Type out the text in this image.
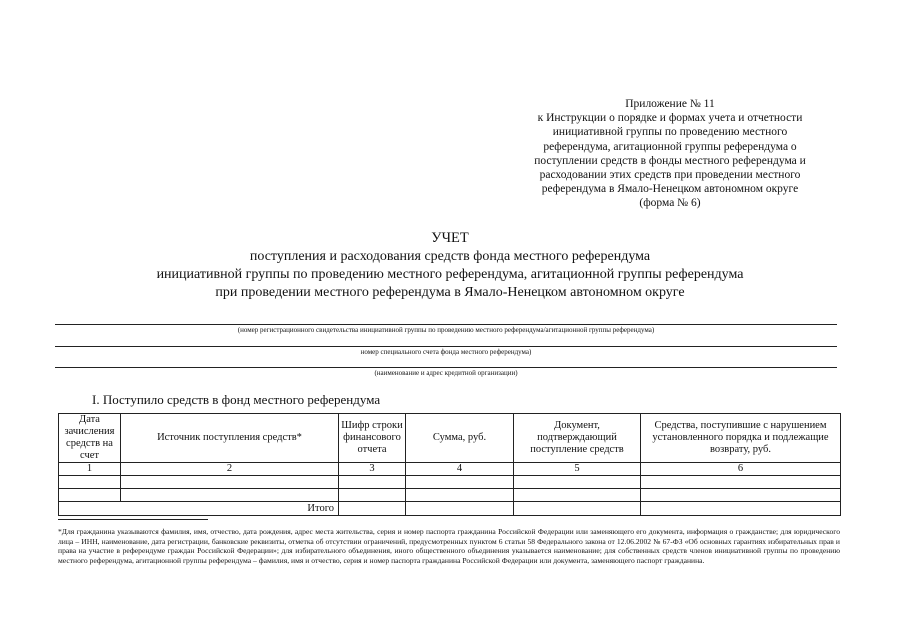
Приложение № 11
к Инструкции о порядке и формах учета и отчетности
инициативной группы по проведению местного
референдума, агитационной группы референдума о
поступлении средств в фонды местного референдума и
расходовании этих средств при проведении местного
референдума в Ямало-Ненецком автономном округе
(форма № 6)
УЧЕТ
поступления и расходования средств фонда местного референдума
инициативной группы по проведению местного референдума, агитационной группы референдума
при проведении местного референдума в Ямало-Ненецком автономном округе
(номер регистрационного свидетельства инициативной группы по проведению местного референдума/агитационной группы референдума)
номер специального счета фонда местного референдума)
(наименование и адрес кредитной организации)
I. Поступило средств в фонд местного референдума
Дата зачисления средств на счет	Источник поступления средств*	Шифр строки финансового отчета	Сумма, руб.	Документ, подтверждающий поступление средств	Средства, поступившие с нарушением установленного порядка и подлежащие возврату, руб.
1	2	3	4	5	6

Итого					
*Для гражданина указываются фамилия, имя, отчество, дата рождения, адрес места жительства, серия и номер паспорта гражданина Российской Федерации или заменяющего его документа, информация о гражданстве; для юридического лица – ИНН, наименование, дата регистрации, банковские реквизиты, отметка об отсутствии ограничений, предусмотренных пунктом 6 статьи 58 Федерального закона от 12.06.2002 № 67-ФЗ «Об основных гарантиях избирательных прав и права на участие в референдуме граждан Российской Федерации»; для избирательного объединения, иного общественного объединения указывается наименование; для собственных средств членов инициативной группы по проведению местного референдума, агитационной группы референдума – фамилия, имя и отчество, серия и номер паспорта гражданина Российской Федерации или документа, заменяющего паспорт гражданина.
